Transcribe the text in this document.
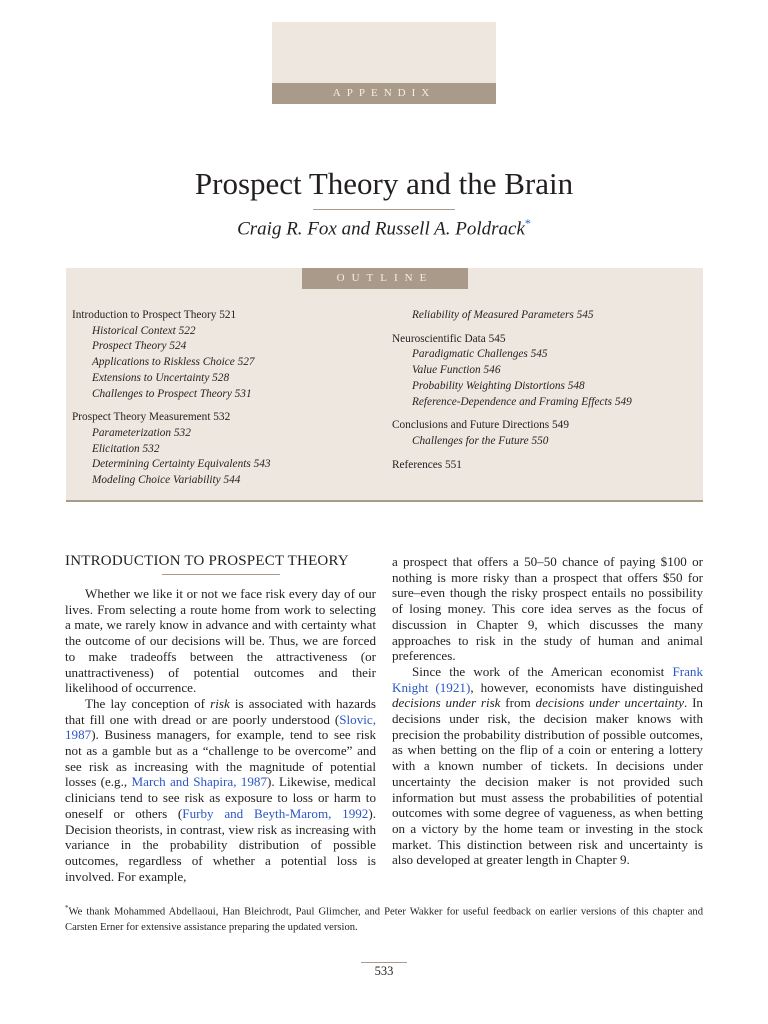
APPENDIX
Prospect Theory and the Brain
Craig R. Fox and Russell A. Poldrack*
OUTLINE
Introduction to Prospect Theory 521
Historical Context 522
Prospect Theory 524
Applications to Riskless Choice 527
Extensions to Uncertainty 528
Challenges to Prospect Theory 531
Prospect Theory Measurement 532
Parameterization 532
Elicitation 532
Determining Certainty Equivalents 543
Modeling Choice Variability 544
Reliability of Measured Parameters 545
Neuroscientific Data 545
Paradigmatic Challenges 545
Value Function 546
Probability Weighting Distortions 548
Reference-Dependence and Framing Effects 549
Conclusions and Future Directions 549
Challenges for the Future 550
References 551
INTRODUCTION TO PROSPECT THEORY

Whether we like it or not we face risk every day of our lives. From selecting a route home from work to selecting a mate, we rarely know in advance and with certainty what the outcome of our decisions will be. Thus, we are forced to make tradeoffs between the attractiveness (or unattractiveness) of potential outcomes and their likelihood of occurrence.

The lay conception of risk is associated with hazards that fill one with dread or are poorly understood (Slovic, 1987). Business managers, for example, tend to see risk not as a gamble but as a “challenge to be overcome” and see risk as increasing with the magnitude of potential losses (e.g., March and Shapira, 1987). Likewise, medical clinicians tend to see risk as exposure to loss or harm to oneself or others (Furby and Beyth-Marom, 1992). Decision theorists, in contrast, view risk as increasing with variance in the probability distribution of possible outcomes, regardless of whether a potential loss is involved. For example,

a prospect that offers a 50–50 chance of paying $100 or nothing is more risky than a prospect that offers $50 for sure–even though the risky prospect entails no possibility of losing money. This core idea serves as the focus of discussion in Chapter 9, which discusses the many approaches to risk in the study of human and animal preferences.

Since the work of the American economist Frank Knight (1921), however, economists have distinguished decisions under risk from decisions under uncertainty. In decisions under risk, the decision maker knows with precision the probability distribution of possible outcomes, as when betting on the flip of a coin or entering a lottery with a known number of tickets. In decisions under uncertainty the decision maker is not provided such information but must assess the probabilities of potential outcomes with some degree of vagueness, as when betting on a victory by the home team or investing in the stock market. This distinction between risk and uncertainty is also developed at greater length in Chapter 9.

*We thank Mohammed Abdellaoui, Han Bleichrodt, Paul Glimcher, and Peter Wakker for useful feedback on earlier versions of this chapter and Carsten Erner for extensive assistance preparing the updated version.
533
